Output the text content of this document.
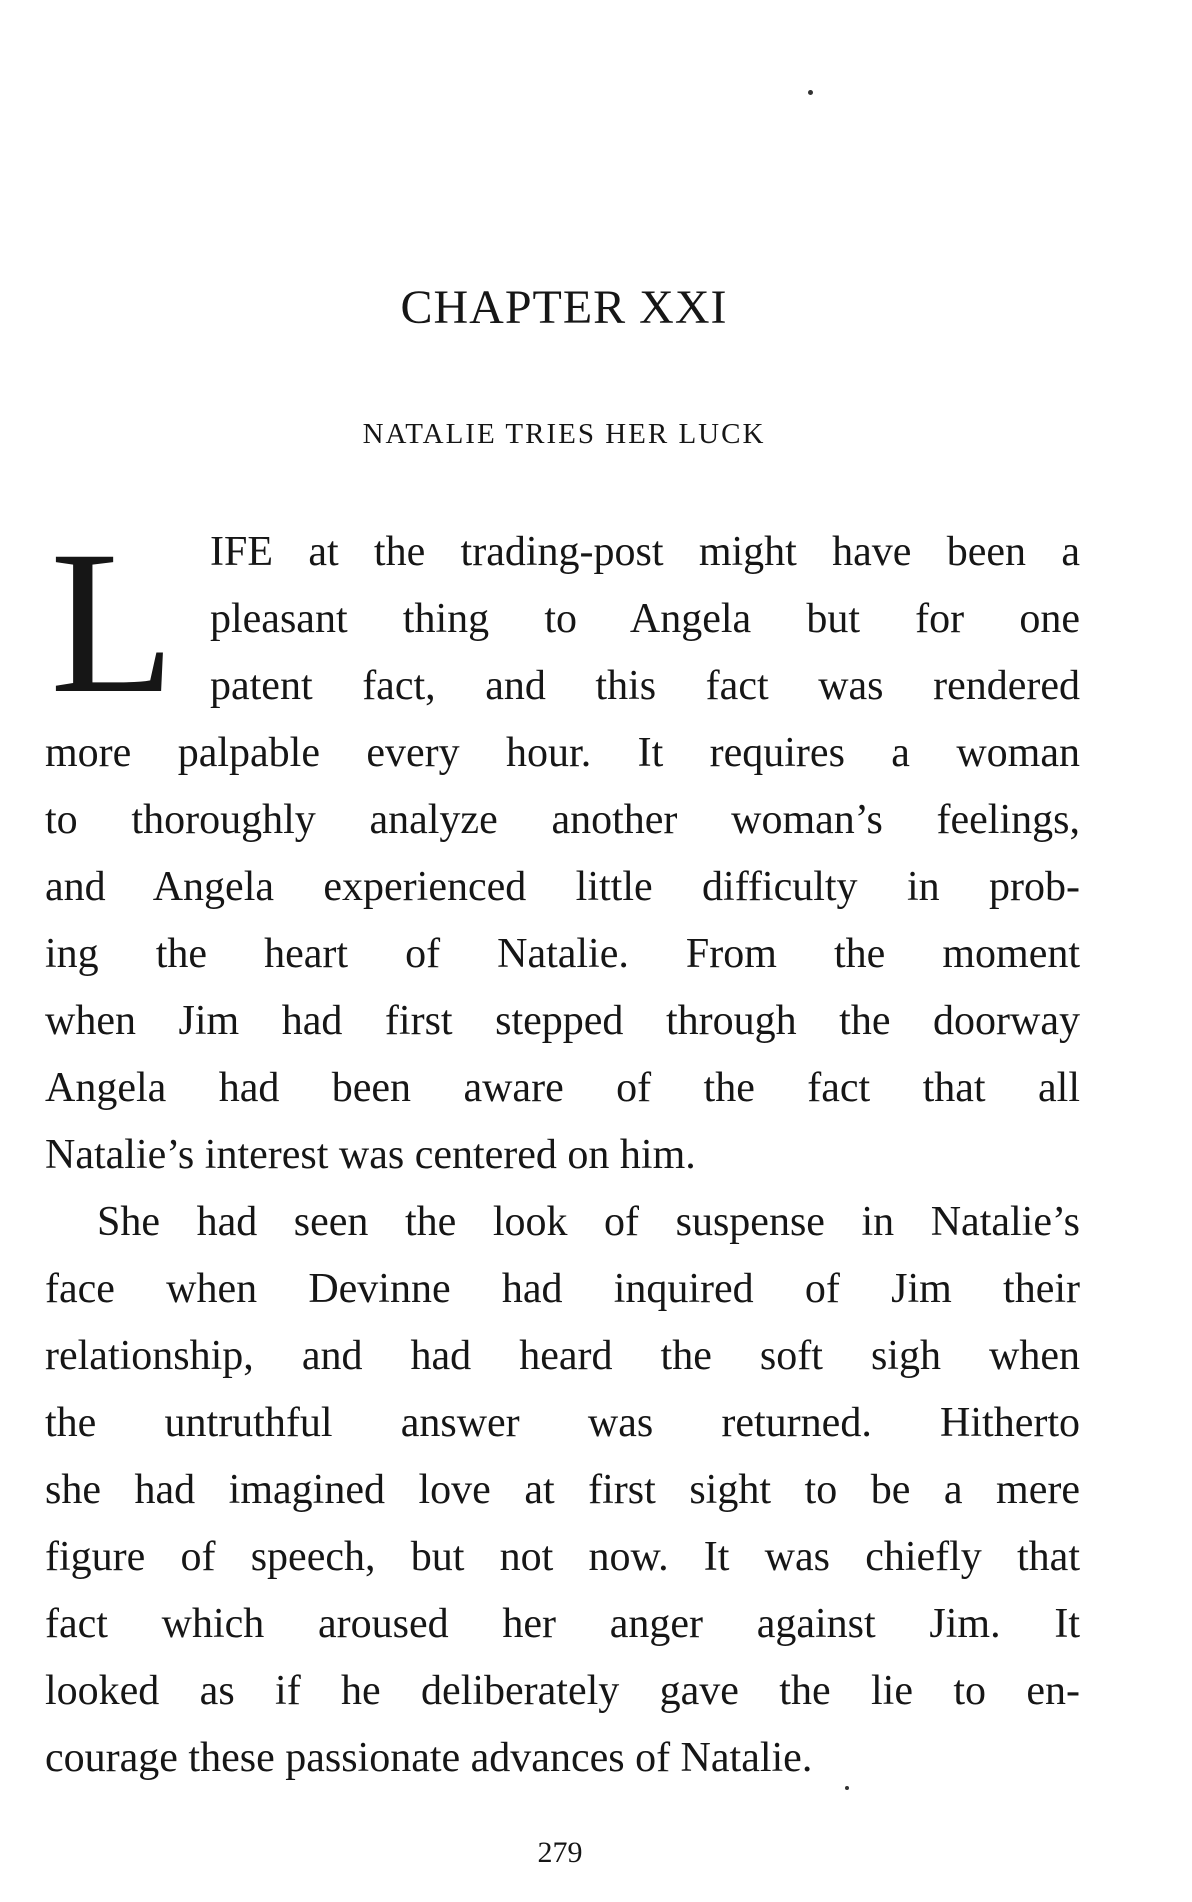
CHAPTER XXI
NATALIE TRIES HER LUCK
L IFE at the trading-post might have been a
pleasant thing to Angela but for one
patent fact, and this fact was rendered
more palpable every hour. It requires a woman
to thoroughly analyze another woman’s feelings,
and Angela experienced little difficulty in prob-
ing the heart of Natalie. From the moment
when Jim had first stepped through the doorway
Angela had been aware of the fact that all
Natalie’s interest was centered on him.
She had seen the look of suspense in Natalie’s
face when Devinne had inquired of Jim their
relationship, and had heard the soft sigh when
the untruthful answer was returned. Hitherto
she had imagined love at first sight to be a mere
figure of speech, but not now. It was chiefly that
fact which aroused her anger against Jim. It
looked as if he deliberately gave the lie to en-
courage these passionate advances of Natalie.
279
